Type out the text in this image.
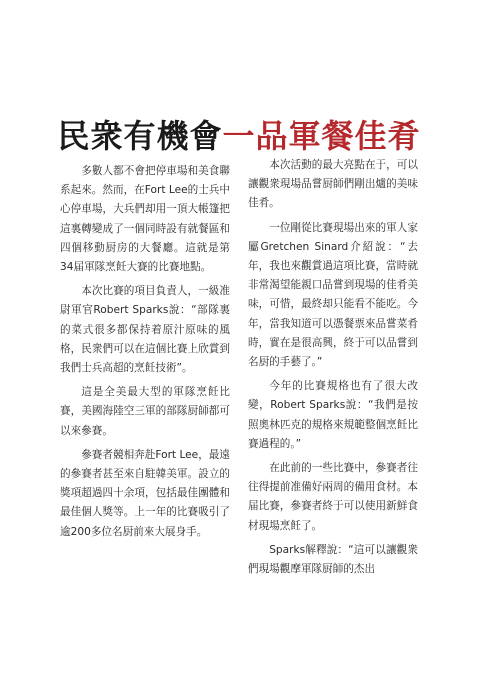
民衆有機會一品軍餐佳肴

多數人都不會把停車場和美食聯系起來。然而，在Fort Lee的士兵中心停車場，大兵們却用一頂大帳篷把這裏轉變成了一個同時設有就餐區和四個移動厨房的大餐廳。這就是第34届軍隊烹飪大賽的比賽地點。

本次比賽的項目負責人，一級准尉軍官Robert Sparks說：“部隊裏的菜式很多都保持着原汁原味的風格，民衆們可以在這個比賽上欣賞到我們士兵高超的烹飪技術”。

這是全美最大型的軍隊烹飪比賽，美國海陸空三軍的部隊厨師都可以來參賽。

參賽者競相奔赴Fort Lee，最遠的參賽者甚至來自駐韓美軍。設立的獎項超過四十余項，包括最佳團體和最佳個人獎等。上一年的比賽吸引了逾200多位名厨前來大展身手。

本次活動的最大亮點在于，可以讓觀衆現場品嘗厨師們剛出爐的美味佳肴。

一位剛從比賽現場出來的軍人家屬Gretchen Sinard介紹說：“去年，我也來觀賞過這項比賽，當時就非常渴望能親口品嘗到現場的佳肴美味，可惜，最終却只能看不能吃。今年，當我知道可以憑餐票來品嘗菜肴時，實在是很高興，終于可以品嘗到名厨的手藝了。”

今年的比賽規格也有了很大改變，Robert Sparks說：“我們是按照奧林匹克的規格來規範整個烹飪比賽過程的。”

在此前的一些比賽中，參賽者往往得提前准備好兩周的備用食材。本届比賽，參賽者終于可以使用新鮮食材現場烹飪了。

Sparks解釋說：“這可以讓觀衆們現場觀摩軍隊厨師的杰出
